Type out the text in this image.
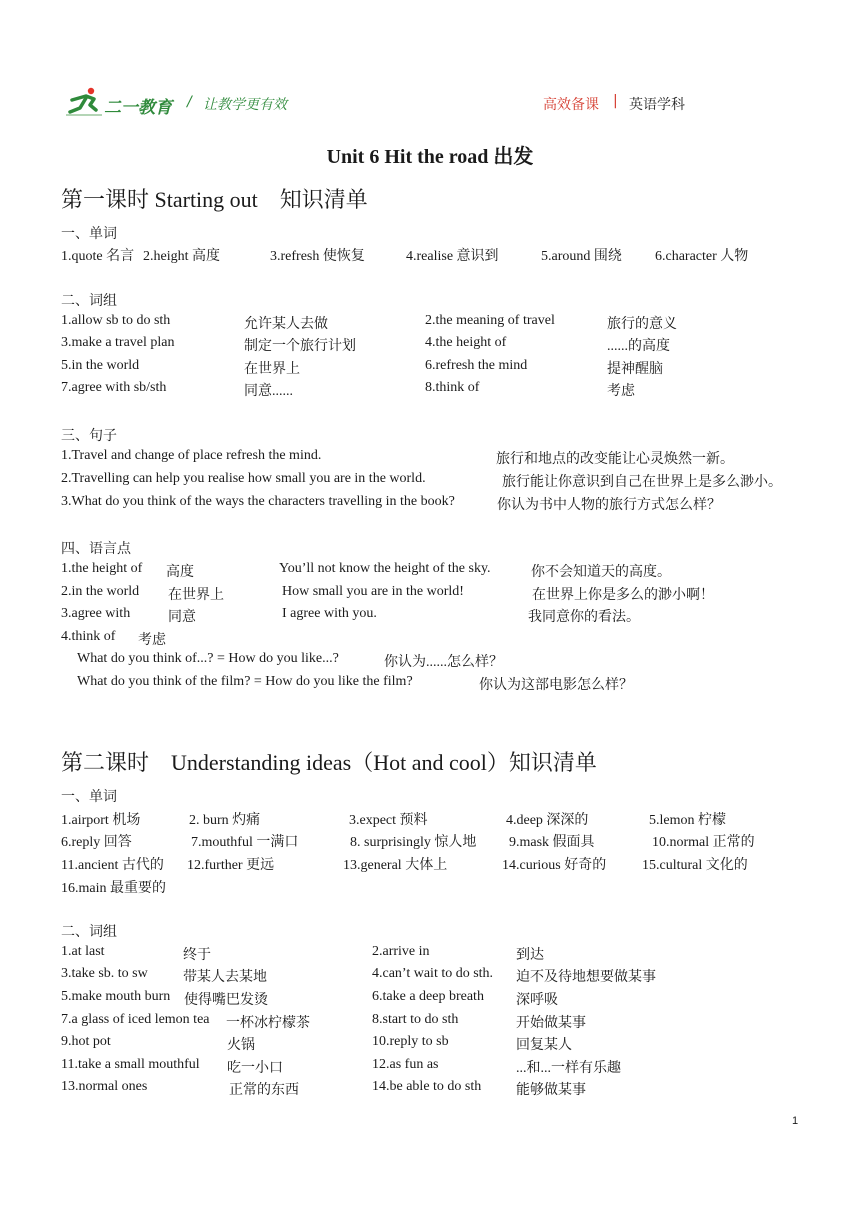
二一教育 / 让教学更有效	高效备课 | 英语学科
Unit 6 Hit the road 出发
第一课时 Starting out　知识清单
一、单词
1.quote 名言 2.height 高度	3.refresh 使恢复	4.realise 意识到	5.around 围绕 6.character 人物
二、词组
1.allow sb to do sth	允许某人去做	2.the meaning of travel	旅行的意义
3.make a travel plan	制定一个旅行计划	4.the height of	......的高度
5.in the world	在世界上	6.refresh the mind	提神醒脑
7.agree with sb/sth	同意......	8.think of	考虑
三、句子
1.Travel and change of place refresh the mind.	旅行和地点的改变能让心灵焕然一新。
2.Travelling can help you realise how small you are in the world.	旅行能让你意识到自己在世界上是多么渺小。
3.What do you think of the ways the characters travelling in the book?	你认为书中人物的旅行方式怎么样？
四、语言点
1.the height of 高度	You’ll not know the height of the sky.	你不会知道天的高度。
2.in the world 在世界上	How small you are in the world!	在世界上你是多么的渺小啊！
3.agree with	同意	I agree with you.	我同意你的看法。
4.think of 考虑
What do you think of...? = How do you like...?	你认为......怎么样？
What do you think of the film? = How do you like the film?	你认为这部电影怎么样？
第二课时　Understanding ideas（Hot and cool）知识清单
一、单词
1.airport 机场	2. burn 灼痛	3.expect 预料	4.deep 深深的	5.lemon 柠檬
6.reply 回答	7.mouthful 一满口	8. surprisingly 惊人地 9.mask 假面具	10.normal 正常的
11.ancient 古代的 12.further 更远	13.general 大体上	14.curious 好奇的	15.cultural 文化的
16.main 最重要的
二、词组
1.at last	终于	2.arrive in	到达
3.take sb. to sw	带某人去某地	4.can’t wait to do sth. 迫不及待地想要做某事
5.make mouth burn 使得嘴巴发烫	6.take a deep breath 深呼吸
7.a glass of iced lemon tea 一杯冰柠檬茶	8.start to do sth	开始做某事
9.hot pot	火锅	10.reply to sb	回复某人
11.take a small mouthful 吃一小口	12.as fun as	...和...一样有乐趣
13.normal ones	正常的东西	14.be able to do sth 能够做某事
1
